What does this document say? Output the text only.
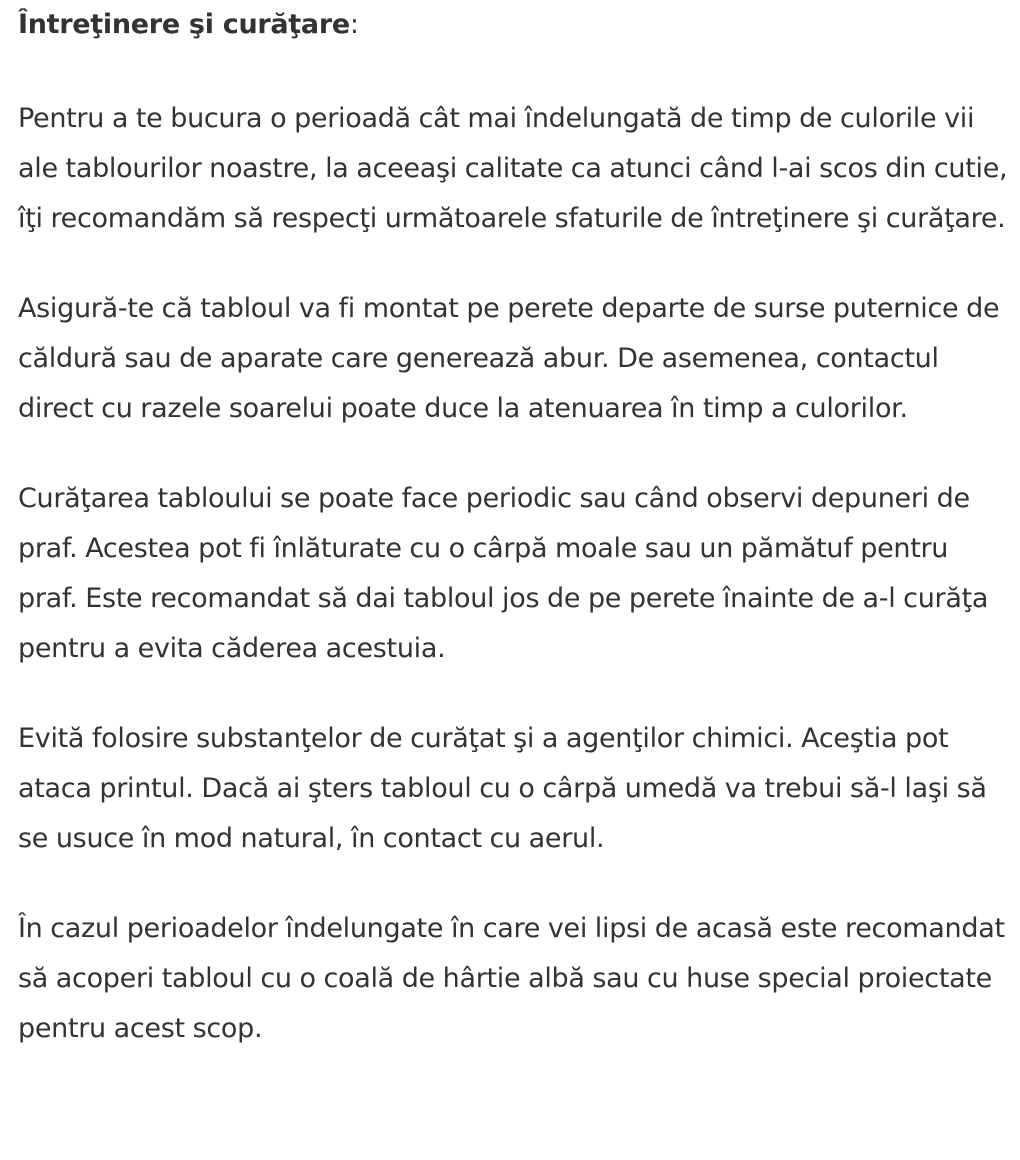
Întreţinere şi curăţare:

Pentru a te bucura o perioadă cât mai îndelungată de timp de culorile vii ale tablourilor noastre, la aceeaşi calitate ca atunci când l-ai scos din cutie, îţi recomandăm să respecţi următoarele sfaturile de întreţinere şi curăţare.

Asigură-te că tabloul va fi montat pe perete departe de surse puternice de căldură sau de aparate care generează abur. De asemenea, contactul direct cu razele soarelui poate duce la atenuarea în timp a culorilor.

Curăţarea tabloului se poate face periodic sau când observi depuneri de praf. Acestea pot fi înlăturate cu o cârpă moale sau un pămătuf pentru praf. Este recomandat să dai tabloul jos de pe perete înainte de a-l curăţa pentru a evita căderea acestuia.

Evită folosire substanţelor de curăţat şi a agenţilor chimici. Aceştia pot ataca printul. Dacă ai şters tabloul cu o cârpă umedă va trebui să-l laşi să se usuce în mod natural, în contact cu aerul.

În cazul perioadelor îndelungate în care vei lipsi de acasă este recomandat să acoperi tabloul cu o coală de hârtie albă sau cu huse special proiectate pentru acest scop.
